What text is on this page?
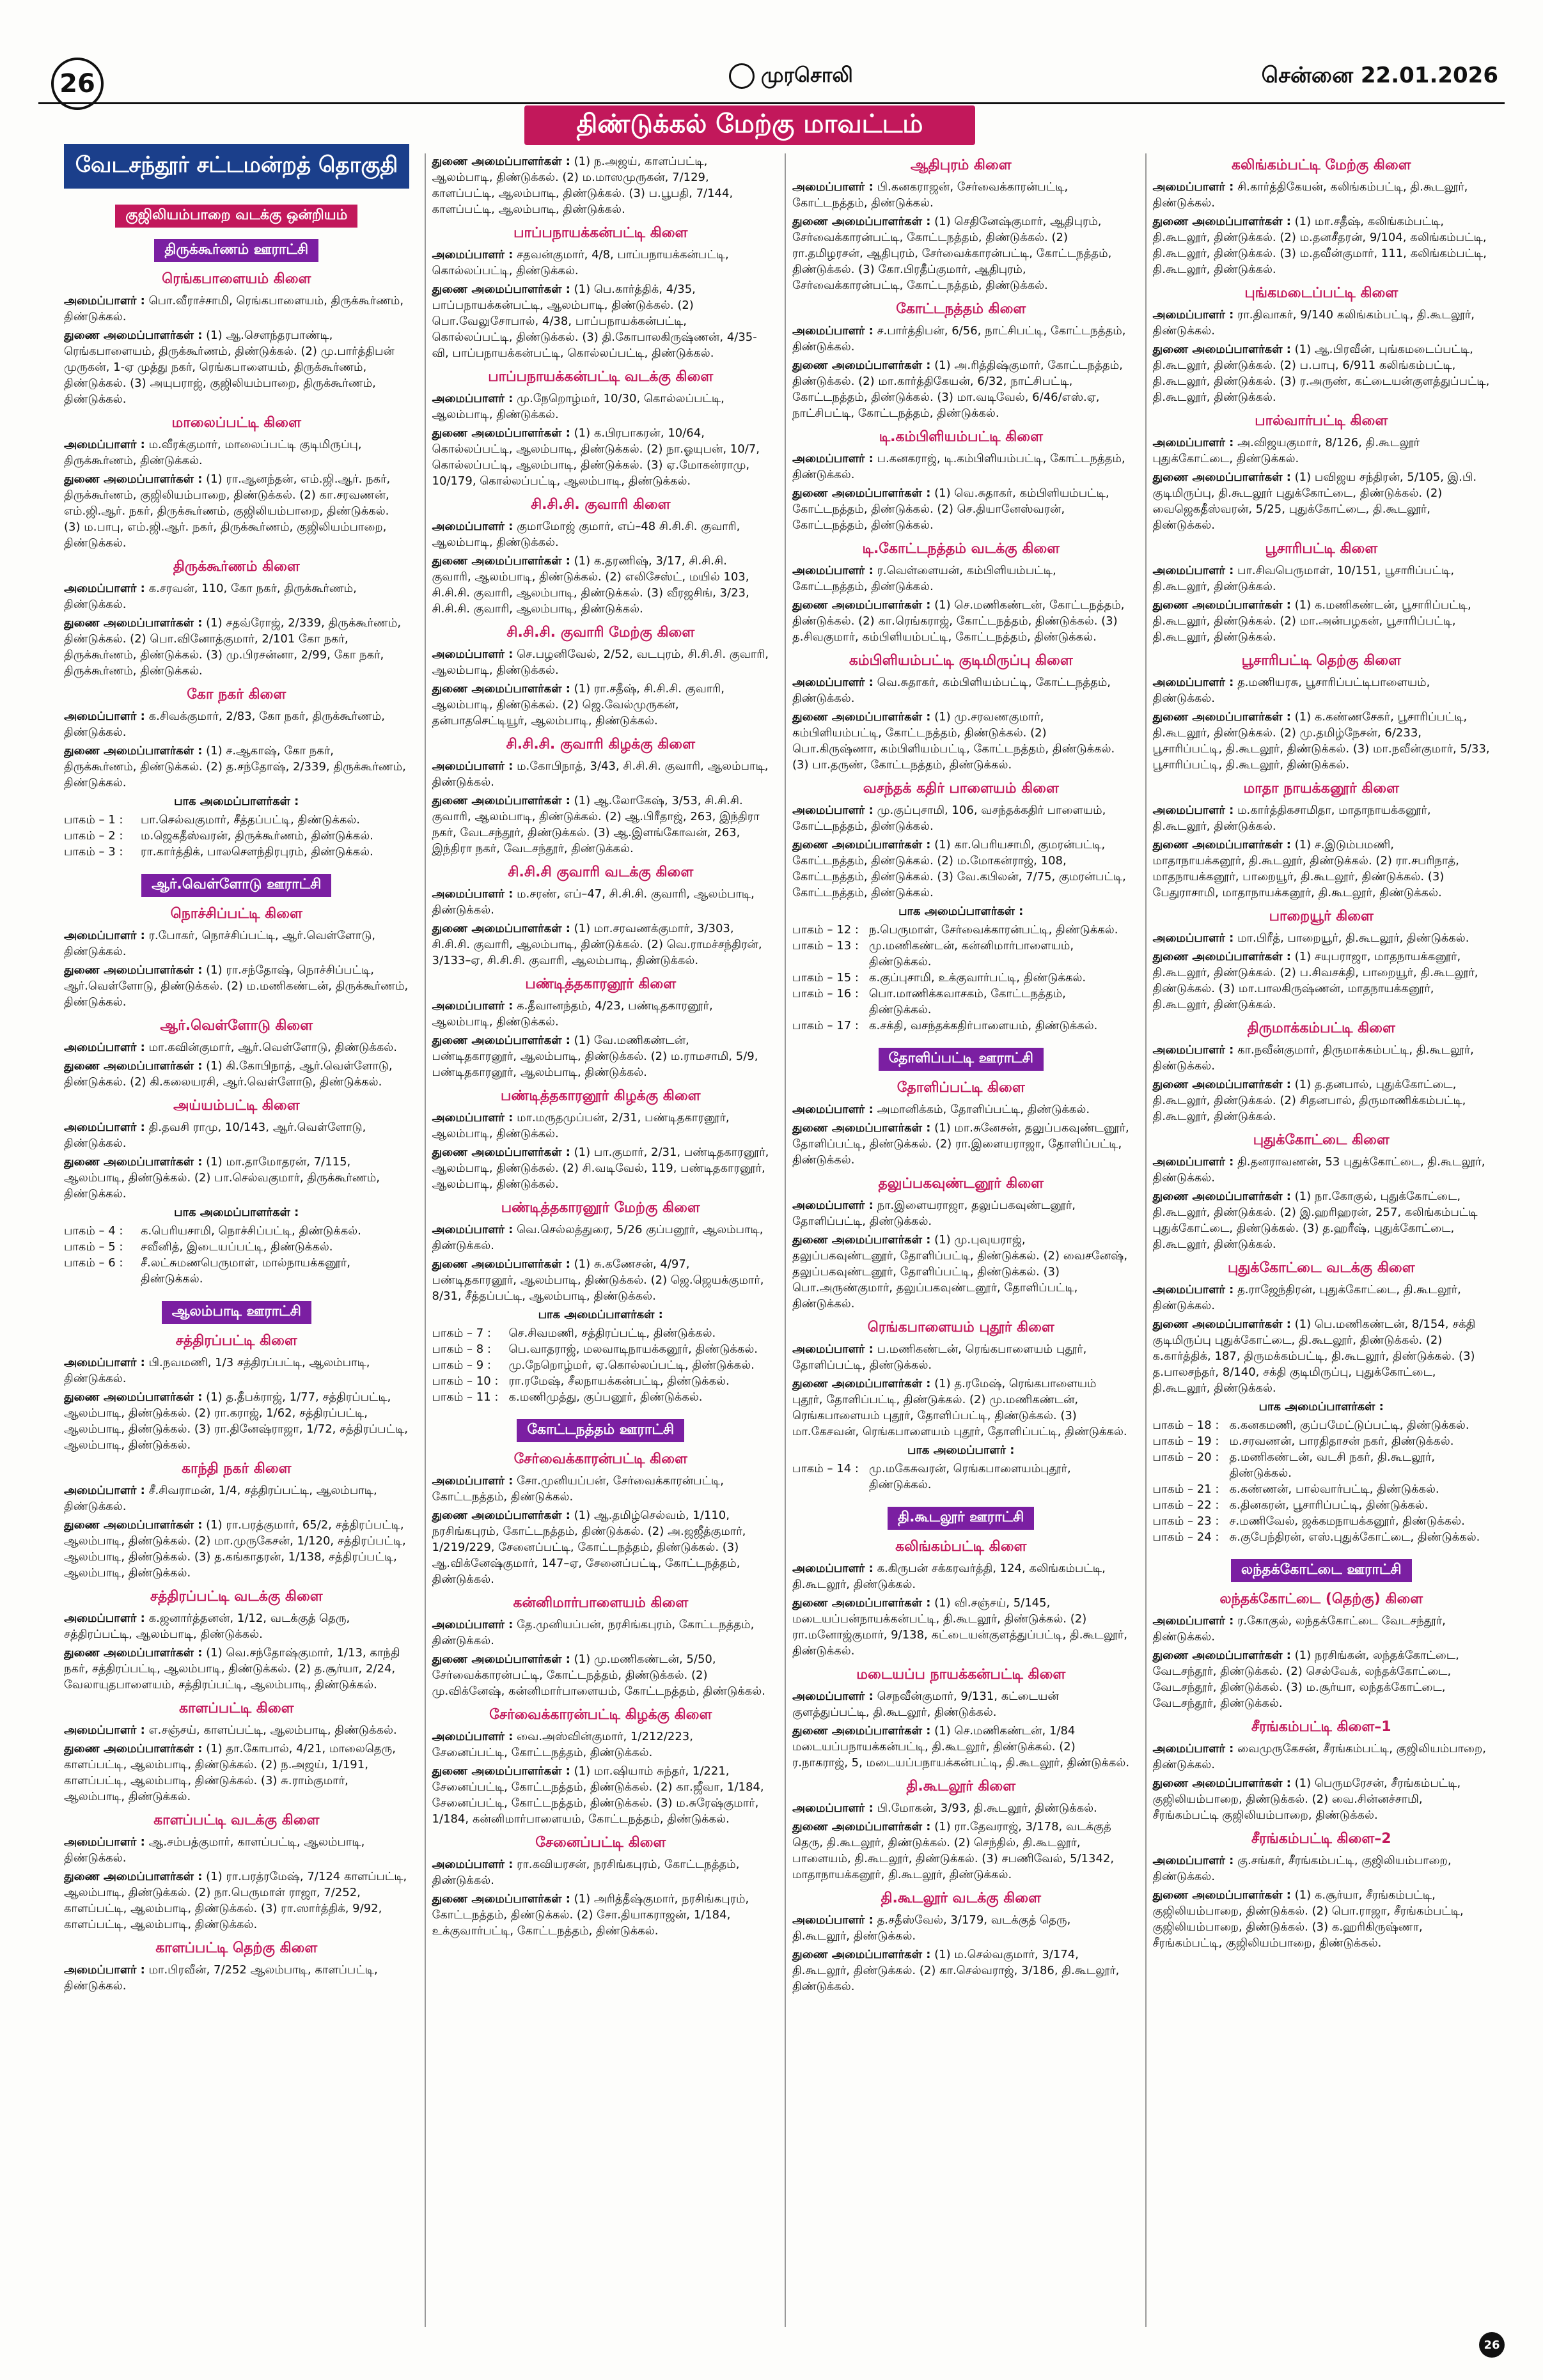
26	முரசொலி	சென்னை 22.01.2026
திண்டுக்கல் மேற்கு மாவட்டம்
வேடசந்தூர் சட்டமன்றத் தொகுதி
குஜிலியம்பாறை வடக்கு ஒன்றியம்
திருக்கூர்ணம் ஊராட்சி
ரெங்கபாளையம் கிளை

அமைப்பாளர் : பொ.வீராச்சாமி, ரெங்கபாளையம், திருக்கூர்ணம், திண்டுக்கல்.

துணை அமைப்பாளர்கள் : (1) ஆ.சௌந்தரபாண்டி, ரெங்கபாளையம், திருக்கூர்ணம், திண்டுக்கல். (2) மு.பார்த்திபன் முருகன், 1-ஏ முத்து நகர், ரெங்கபாளையம், திருக்கூர்ணம், திண்டுக்கல். (3) அயுபராஜ், குஜிலியம்பாறை, திருக்கூர்ணம், திண்டுக்கல்.

மாலைப்பட்டி கிளை

அமைப்பாளர் : ம.வீரக்குமார், மாலைப்பட்டி குடிமிருப்பு, திருக்கூர்ணம், திண்டுக்கல்.

துணை அமைப்பாளர்கள் : (1) ரா.ஆனந்தன், எம்.ஜி.ஆர். நகர், திருக்கூர்ணம், குஜிலியம்பாறை, திண்டுக்கல். (2) கா.சரவணன், எம்.ஜி.ஆர். நகர், திருக்கூர்ணம், குஜிலியம்பாறை, திண்டுக்கல். (3) ம.பாபு, எம்.ஜி.ஆர். நகர், திருக்கூர்ணம், குஜிலியம்பாறை, திண்டுக்கல்.

திருக்கூர்ணம் கிளை

அமைப்பாளர் : க.சரவன், 110, கோ நகர், திருக்கூர்ணம், திண்டுக்கல்.

துணை அமைப்பாளர்கள் : (1) சதவ்ரோஜ், 2/339, திருக்கூர்ணம், திண்டுக்கல். (2) பொ.வினோத்குமார், 2/101 கோ நகர், திருக்கூர்ணம், திண்டுக்கல். (3) மு.பிரசன்னா, 2/99, கோ நகர், திருக்கூர்ணம், திண்டுக்கல்.

கோ நகர் கிளை

அமைப்பாளர் : க.சிவக்குமார், 2/83, கோ நகர், திருக்கூர்ணம், திண்டுக்கல்.

துணை அமைப்பாளர்கள் : (1) ச.ஆகாஷ், கோ நகர், திருக்கூர்ணம், திண்டுக்கல். (2) த.சந்தோஷ், 2/339, திருக்கூர்ணம், திண்டுக்கல்.

பாக அமைப்பாளர்கள் :
பாகம் – 1 :	பா.செல்வகுமார், சீத்தப்பட்டி, திண்டுக்கல்.
பாகம் – 2 :	ம.ஜெகதீஸ்வரன், திருக்கூர்ணம், திண்டுக்கல்.
பாகம் – 3 :	ரா.கார்த்திக், பாலசௌந்திரபுரம், திண்டுக்கல்.
ஆர்.வெள்ளோடு ஊராட்சி
நொச்சிப்பட்டி கிளை

அமைப்பாளர் : ர.போகர், நொச்சிப்பட்டி, ஆர்.வெள்ளோடு, திண்டுக்கல்.

துணை அமைப்பாளர்கள் : (1) ரா.சந்தோஷ், நொச்சிப்பட்டி, ஆர்.வெள்ளோடு, திண்டுக்கல். (2) ம.மணிகண்டன், திருக்கூர்ணம், திண்டுக்கல்.

ஆர்.வெள்ளோடு கிளை

அமைப்பாளர் : மா.கவின்குமார், ஆர்.வெள்ளோடு, திண்டுக்கல்.

துணை அமைப்பாளர்கள் : (1) கி.கோபிநாத், ஆர்.வெள்ளோடு, திண்டுக்கல். (2) கி.கலையரசி, ஆர்.வெள்ளோடு, திண்டுக்கல்.

அய்யம்பட்டி கிளை

அமைப்பாளர் : தி.தவசி ராமு, 10/143, ஆர்.வெள்ளோடு, திண்டுக்கல்.

துணை அமைப்பாளர்கள் : (1) மா.தாமோதரன், 7/115, ஆலம்பாடி, திண்டுக்கல். (2) பா.செல்வகுமார், திருக்கூர்ணம், திண்டுக்கல்.

பாக அமைப்பாளர்கள் :
பாகம் – 4 :	க.பெரியசாமி, நொச்சிப்பட்டி, திண்டுக்கல்.
பாகம் – 5 :	சவீனித், இடையப்பட்டி, திண்டுக்கல்.
பாகம் – 6 :	சீ.லட்சுமணபெருமாள், மால்நாயக்கனூர், திண்டுக்கல்.
ஆலம்பாடி ஊராட்சி
சத்திரப்பட்டி கிளை

அமைப்பாளர் : பி.நவமணி, 1/3 சத்திரப்பட்டி, ஆலம்பாடி, திண்டுக்கல்.

துணை அமைப்பாளர்கள் : (1) த.தீபக்ராஜ், 1/77, சத்திரப்பட்டி, ஆலம்பாடி, திண்டுக்கல். (2) ரா.கராஜ், 1/62, சத்திரப்பட்டி, ஆலம்பாடி, திண்டுக்கல். (3) ரா.தினேஷ்ராஜா, 1/72, சத்திரப்பட்டி, ஆலம்பாடி, திண்டுக்கல்.

காந்தி நகர் கிளை

அமைப்பாளர் : சீ.சிவராமன், 1/4, சத்திரப்பட்டி, ஆலம்பாடி, திண்டுக்கல்.

துணை அமைப்பாளர்கள் : (1) ரா.பரத்குமார், 65/2, சத்திரப்பட்டி, ஆலம்பாடி, திண்டுக்கல். (2) மா.முருகேசன், 1/120, சத்திரப்பட்டி, ஆலம்பாடி, திண்டுக்கல். (3) த.கங்காதரன், 1/138, சத்திரப்பட்டி, ஆலம்பாடி, திண்டுக்கல்.

சத்திரப்பட்டி வடக்கு கிளை

அமைப்பாளர் : க.ஜனார்த்தனன், 1/12, வடக்குத் தெரு, சத்திரப்பட்டி, ஆலம்பாடி, திண்டுக்கல்.

துணை அமைப்பாளர்கள் : (1) வெ.சந்தோஷ்குமார், 1/13, காந்தி நகர், சத்திரப்பட்டி, ஆலம்பாடி, திண்டுக்கல். (2) த.சூர்யா, 2/24, வேலாயுதபாளையம், சத்திரப்பட்டி, ஆலம்பாடி, திண்டுக்கல்.

காளப்பட்டி கிளை

அமைப்பாளர் : எ.சஞ்சய், காளப்பட்டி, ஆலம்பாடி, திண்டுக்கல்.

துணை அமைப்பாளர்கள் : (1) தா.கோபால், 4/21, மாலைதெரு, காளப்பட்டி, ஆலம்பாடி, திண்டுக்கல். (2) ந.அஜய், 1/191, காளப்பட்டி, ஆலம்பாடி, திண்டுக்கல். (3) சு.ராம்குமார், ஆலம்பாடி, திண்டுக்கல்.

காளப்பட்டி வடக்கு கிளை

அமைப்பாளர் : ஆ.சம்பத்குமார், காளப்பட்டி, ஆலம்பாடி, திண்டுக்கல்.

துணை அமைப்பாளர்கள் : (1) ரா.பரத்ரமேஷ், 7/124 காளப்பட்டி, ஆலம்பாடி, திண்டுக்கல். (2) நா.பெருமாள் ராஜா, 7/252, காளப்பட்டி, ஆலம்பாடி, திண்டுக்கல். (3) ரா.ஸார்த்திக், 9/92, காளப்பட்டி, ஆலம்பாடி, திண்டுக்கல்.

காளப்பட்டி தெற்கு கிளை

அமைப்பாளர் : மா.பிரவீன், 7/252 ஆலம்பாடி, காளப்பட்டி, திண்டுக்கல்.

துணை அமைப்பாளர்கள் : (1) ந.அஜய், காளப்பட்டி, ஆலம்பாடி, திண்டுக்கல். (2) ம.மாஸமுருகன், 7/129, காளப்பட்டி, ஆலம்பாடி, திண்டுக்கல். (3) ப.பூபதி, 7/144, காளப்பட்டி, ஆலம்பாடி, திண்டுக்கல்.

பாப்பநாயக்கன்பட்டி கிளை

அமைப்பாளர் : சதவன்குமார், 4/8, பாப்பநாயக்கன்பட்டி, கொல்லப்பட்டி, திண்டுக்கல்.

துணை அமைப்பாளர்கள் : (1) பெ.கார்த்திக், 4/35, பாப்பநாயக்கன்பட்டி, ஆலம்பாடி, திண்டுக்கல். (2) பொ.வேலுசோபால், 4/38, பாப்பநாயக்கன்பட்டி, கொல்லப்பட்டி, திண்டுக்கல். (3) தி.கோபாலகிருஷ்ணன், 4/35-வி, பாப்பநாயக்கன்பட்டி, கொல்லப்பட்டி, திண்டுக்கல்.

பாப்பநாயக்கன்பட்டி வடக்கு கிளை

அமைப்பாளர் : மு.நேறொழ்மர், 10/30, கொல்லப்பட்டி, ஆலம்பாடி, திண்டுக்கல்.

துணை அமைப்பாளர்கள் : (1) க.பிரபாகரன், 10/64, கொல்லப்பட்டி, ஆலம்பாடி, திண்டுக்கல். (2) நா.ஓயுபன், 10/7, கொல்லப்பட்டி, ஆலம்பாடி, திண்டுக்கல். (3) ஏ.மோகன்ராமு, 10/179, கொல்லப்பட்டி, ஆலம்பாடி, திண்டுக்கல்.

சி.சி.சி. குவாரி கிளை

அமைப்பாளர் : குமாமோஜ் குமார், எப்–48 சி.சி.சி. குவாரி, ஆலம்பாடி, திண்டுக்கல்.

துணை அமைப்பாளர்கள் : (1) க.தரணிஷ், 3/17, சி.சி.சி. குவாரி, ஆலம்பாடி, திண்டுக்கல். (2) எலிசேஸ்ட், மயில் 103, சி.சி.சி. குவாரி, ஆலம்பாடி, திண்டுக்கல். (3) வீரஜசிங், 3/23, சி.சி.சி. குவாரி, ஆலம்பாடி, திண்டுக்கல்.

சி.சி.சி. குவாரி மேற்கு கிளை

அமைப்பாளர் : செ.பழனிவேல், 2/52, வடபுரம், சி.சி.சி. குவாரி, ஆலம்பாடி, திண்டுக்கல்.

துணை அமைப்பாளர்கள் : (1) ரா.சதீஷ், சி.சி.சி. குவாரி, ஆலம்பாடி, திண்டுக்கல். (2) ஜெ.வேல்முருகன், தன்பாதசெட்டியூர், ஆலம்பாடி, திண்டுக்கல்.

சி.சி.சி. குவாரி கிழக்கு கிளை

அமைப்பாளர் : ம.கோபிநாத், 3/43, சி.சி.சி. குவாரி, ஆலம்பாடி, திண்டுக்கல்.

துணை அமைப்பாளர்கள் : (1) ஆ.லோகேஷ், 3/53, சி.சி.சி. குவாரி, ஆலம்பாடி, திண்டுக்கல். (2) ஆ.பிரீதாஜ், 263, இந்திரா நகர், வேடசந்தூர், திண்டுக்கல். (3) ஆ.இளங்கோவன், 263, இந்திரா நகர், வேடசந்தூர், திண்டுக்கல்.

சி.சி.சி குவாரி வடக்கு கிளை

அமைப்பாளர் : ம.சரண், எப்–47, சி.சி.சி. குவாரி, ஆலம்பாடி, திண்டுக்கல்.

துணை அமைப்பாளர்கள் : (1) மா.சரவணக்குமார், 3/303, சி.சி.சி. குவாரி, ஆலம்பாடி, திண்டுக்கல். (2) வெ.ராமச்சந்திரன், 3/133–ஏ, சி.சி.சி. குவாரி, ஆலம்பாடி, திண்டுக்கல்.

பண்டித்தகாரனூர் கிளை

அமைப்பாளர் : க.தீவானந்தம், 4/23, பண்டிதகாரனூர், ஆலம்பாடி, திண்டுக்கல்.

துணை அமைப்பாளர்கள் : (1) வே.மணிகண்டன், பண்டிதகாரனூர், ஆலம்பாடி, திண்டுக்கல். (2) ம.ராமசாமி, 5/9, பண்டிதகாரனூர், ஆலம்பாடி, திண்டுக்கல்.

பண்டித்தகாரனூர் கிழக்கு கிளை

அமைப்பாளர் : மா.மருதமுப்பன், 2/31, பண்டிதகாரனூர், ஆலம்பாடி, திண்டுக்கல்.

துணை அமைப்பாளர்கள் : (1) பா.குமார், 2/31, பண்டிதகாரனூர், ஆலம்பாடி, திண்டுக்கல். (2) சி.வடிவேல், 119, பண்டிதகாரனூர், ஆலம்பாடி, திண்டுக்கல்.

பண்டித்தகாரனூர் மேற்கு கிளை

அமைப்பாளர் : வெ.செல்லத்துரை, 5/26 குப்பனூர், ஆலம்பாடி, திண்டுக்கல்.

துணை அமைப்பாளர்கள் : (1) சு.கணேசன், 4/97, பண்டிதகாரனூர், ஆலம்பாடி, திண்டுக்கல். (2) ஜெ.ஜெயக்குமார், 8/31, சீத்தப்பட்டி, ஆலம்பாடி, திண்டுக்கல்.

பாக அமைப்பாளர்கள் :
பாகம் – 7 :	செ.சிவமணி, சத்திரப்பட்டி, திண்டுக்கல்.
பாகம் – 8 :	பெ.வாதராஜ், மலவாடிநாயக்கனூர், திண்டுக்கல்.
பாகம் – 9 :	மு.நேறொழ்மர், ஏ.கொல்லப்பட்டி, திண்டுக்கல்.
பாகம் – 10 : ரா.ரமேஷ், சீலநாயக்கன்பட்டி, திண்டுக்கல்.
பாகம் – 11 : க.மணிமுத்து, குப்பனூர், திண்டுக்கல்.
கோட்டநத்தம் ஊராட்சி
சேர்வைக்காரன்பட்டி கிளை

அமைப்பாளர் : சோ.முனியப்பன், சேர்வைக்காரன்பட்டி, கோட்டநத்தம், திண்டுக்கல்.

துணை அமைப்பாளர்கள் : (1) ஆ.தமிழ்செல்வம், 1/110, நரசிங்கபுரம், கோட்டநத்தம், திண்டுக்கல். (2) அ.ஜஜீத்குமார், 1/219/229, சேனைப்பட்டி, கோட்டநத்தம், திண்டுக்கல். (3) ஆ.விக்னேஷ்குமார், 147–ஏ, சேனைப்பட்டி, கோட்டநத்தம், திண்டுக்கல்.

கன்னிமார்பாளையம் கிளை

அமைப்பாளர் : தே.முனியப்பன், நரசிங்கபுரம், கோட்டநத்தம், திண்டுக்கல்.

துணை அமைப்பாளர்கள் : (1) மு.மணிகண்டன், 5/50, சேர்வைக்காரன்பட்டி, கோட்டநத்தம், திண்டுக்கல். (2) மு.விக்னேஷ், கன்னிமார்பாளையம், கோட்டநத்தம், திண்டுக்கல்.

சேர்வைக்காரன்பட்டி கிழக்கு கிளை

அமைப்பாளர் : வை.அஸ்வின்குமார், 1/212/223, சேனைப்பட்டி, கோட்டநத்தம், திண்டுக்கல்.

துணை அமைப்பாளர்கள் : (1) மா.ஷியாம் சுந்தர், 1/221, சேனைப்பட்டி, கோட்டநத்தம், திண்டுக்கல். (2) கா.ஜீவா, 1/184, சேனைப்பட்டி, கோட்டநத்தம், திண்டுக்கல். (3) ம.சுரேஷ்குமார், 1/184, கன்னிமார்பாளையம், கோட்டநத்தம், திண்டுக்கல்.

சேனைப்பட்டி கிளை

அமைப்பாளர் : ரா.கவியரசன், நரசிங்கபுரம், கோட்டநத்தம், திண்டுக்கல்.

துணை அமைப்பாளர்கள் : (1) அரித்தீஷ்குமார், நரசிங்கபுரம், கோட்டநத்தம், திண்டுக்கல். (2) சோ.தியாகராஜன், 1/184, உக்குவார்பட்டி, கோட்டநத்தம், திண்டுக்கல்.

ஆதிபுரம் கிளை

அமைப்பாளர் : பி.கனகராஜன், சேர்வைக்காரன்பட்டி, கோட்டநத்தம், திண்டுக்கல்.

துணை அமைப்பாளர்கள் : (1) செதினேஷ்குமார், ஆதிபுரம், சேர்வைக்காரன்பட்டி, கோட்டநத்தம், திண்டுக்கல். (2) ரா.தமிழரசன், ஆதிபுரம், சேர்வைக்காரன்பட்டி, கோட்டநத்தம், திண்டுக்கல். (3) கோ.பிரதீப்குமார், ஆதிபுரம், சேர்வைக்காரன்பட்டி, கோட்டநத்தம், திண்டுக்கல்.

கோட்டநத்தம் கிளை

அமைப்பாளர் : ச.பார்த்திபன், 6/56, நாட்சிபட்டி, கோட்டநத்தம், திண்டுக்கல்.

துணை அமைப்பாளர்கள் : (1) அ.ரித்திஷ்குமார், கோட்டநத்தம், திண்டுக்கல். (2) மா.கார்த்திகேயன், 6/32, நாட்சிபட்டி, கோட்டநத்தம், திண்டுக்கல். (3) மா.வடிவேல், 6/46/எஸ்.ஏ, நாட்சிபட்டி, கோட்டநத்தம், திண்டுக்கல்.

டி.கம்பிளியம்பட்டி கிளை

அமைப்பாளர் : ப.கனகராஜ், டி.கம்பிளியம்பட்டி, கோட்டநத்தம், திண்டுக்கல்.

துணை அமைப்பாளர்கள் : (1) வெ.சுதாகர், கம்பிளியம்பட்டி, கோட்டநத்தம், திண்டுக்கல். (2) செ.தியானேஸ்வரன், கோட்டநத்தம், திண்டுக்கல்.

டி.கோட்டநத்தம் வடக்கு கிளை

அமைப்பாளர் : ர.வெள்ளையன், கம்பிளியம்பட்டி, கோட்டநத்தம், திண்டுக்கல்.

துணை அமைப்பாளர்கள் : (1) செ.மணிகண்டன், கோட்டநத்தம், திண்டுக்கல். (2) கா.ரெங்கராஜ், கோட்டநத்தம், திண்டுக்கல். (3) த.சிவகுமார், கம்பிளியம்பட்டி, கோட்டநத்தம், திண்டுக்கல்.

கம்பிளியம்பட்டி குடிமிருப்பு கிளை

அமைப்பாளர் : வெ.சுதாகர், கம்பிளியம்பட்டி, கோட்டநத்தம், திண்டுக்கல்.

துணை அமைப்பாளர்கள் : (1) மு.சரவணகுமார், கம்பிளியம்பட்டி, கோட்டநத்தம், திண்டுக்கல். (2) பொ.கிருஷ்ணா, கம்பிளியம்பட்டி, கோட்டநத்தம், திண்டுக்கல். (3) பா.தருண், கோட்டநத்தம், திண்டுக்கல்.

வசந்தக் கதிர் பாளையம் கிளை

அமைப்பாளர் : மு.குப்புசாமி, 106, வசந்தக்கதிர் பாளையம், கோட்டநத்தம், திண்டுக்கல்.

துணை அமைப்பாளர்கள் : (1) கா.பெரியசாமி, குமரன்பட்டி, கோட்டநத்தம், திண்டுக்கல். (2) ம.மோகன்ராஜ், 108, கோட்டநத்தம், திண்டுக்கல். (3) வே.கபிலன், 7/75, குமரன்பட்டி, கோட்டநத்தம், திண்டுக்கல்.

பாக அமைப்பாளர்கள் :
பாகம் – 12 : ந.பெருமாள், சேர்வைக்காரன்பட்டி, திண்டுக்கல்.
பாகம் – 13 : மு.மணிகண்டன், கன்னிமார்பாளையம், திண்டுக்கல்.
பாகம் – 15 : க.குப்புசாமி, உக்குவார்பட்டி, திண்டுக்கல்.
பாகம் – 16 : பொ.மாணிக்கவாசகம், கோட்டநத்தம், திண்டுக்கல்.
பாகம் – 17 : க.சக்தி, வசந்தக்கதிர்பாளையம், திண்டுக்கல்.
தோளிப்பட்டி ஊராட்சி
தோளிப்பட்டி கிளை

அமைப்பாளர் : அமானிக்கம், தோளிப்பட்டி, திண்டுக்கல்.

துணை அமைப்பாளர்கள் : (1) மா.சுனேசன், தலுப்பகவுண்டனூர், தோளிப்பட்டி, திண்டுக்கல். (2) ரா.இளையராஜா, தோளிப்பட்டி, திண்டுக்கல்.

தலுப்பகவுண்டனூர் கிளை

அமைப்பாளர் : நா.இளையராஜா, தலுப்பகவுண்டனூர், தோளிப்பட்டி, திண்டுக்கல்.

துணை அமைப்பாளர்கள் : (1) மு.புவுயராஜ், தலுப்பகவுண்டனூர், தோளிப்பட்டி, திண்டுக்கல். (2) வைசனேஷ், தலுப்பகவுண்டனூர், தோளிப்பட்டி, திண்டுக்கல். (3) பொ.அருண்குமார், தலுப்பகவுண்டனூர், தோளிப்பட்டி, திண்டுக்கல்.

ரெங்கபாளையம் புதூர் கிளை

அமைப்பாளர் : ப.மணிகண்டன், ரெங்கபாளையம் புதூர், தோளிப்பட்டி, திண்டுக்கல்.

துணை அமைப்பாளர்கள் : (1) த.ரமேஷ், ரெங்கபாளையம் புதூர், தோளிப்பட்டி, திண்டுக்கல். (2) மு.மணிகண்டன், ரெங்கபாளையம் புதூர், தோளிப்பட்டி, திண்டுக்கல். (3) மா.கேசவன், ரெங்கபாளையம் புதூர், தோளிப்பட்டி, திண்டுக்கல்.

பாக அமைப்பாளர் :
பாகம் – 14 : மு.மகேசுவரன், ரெங்கபாளையம்புதூர், திண்டுக்கல்.
தி.கூடலூர் ஊராட்சி
கலிங்கம்பட்டி கிளை

அமைப்பாளர் : க.கிருபன் சக்கரவர்த்தி, 124, கலிங்கம்பட்டி, தி.கூடலூர், திண்டுக்கல்.

துணை அமைப்பாளர்கள் : (1) வி.சஞ்சய், 5/145, மடையப்பன்நாயக்கன்பட்டி, தி.கூடலூர், திண்டுக்கல். (2) ரா.மனோஜ்குமார், 9/138, கட்டையன்குளத்துப்பட்டி, தி.கூடலூர், திண்டுக்கல்.

மடையப்ப நாயக்கன்பட்டி கிளை

அமைப்பாளர் : செநவீன்குமார், 9/131, கட்டையன் குளத்துப்பட்டி, தி.கூடலூர், திண்டுக்கல்.

துணை அமைப்பாளர்கள் : (1) செ.மணிகண்டன், 1/84 மடையப்பநாயக்கன்பட்டி, தி.கூடலூர், திண்டுக்கல். (2) ர.நாகராஜ், 5, மடையப்பநாயக்கன்பட்டி, தி.கூடலூர், திண்டுக்கல்.

தி.கூடலூர் கிளை

அமைப்பாளர் : பி.மோகன், 3/93, தி.கூடலூர், திண்டுக்கல்.

துணை அமைப்பாளர்கள் : (1) ரா.தேவராஜ், 3/178, வடக்குத் தெரு, தி.கூடலூர், திண்டுக்கல். (2) செந்தில், தி.கூடலூர், பாளையம், தி.கூடலூர், திண்டுக்கல். (3) சபணிவேல், 5/1342, மாதாநாயக்கனூர், தி.கூடலூர், திண்டுக்கல்.

தி.கூடலூர் வடக்கு கிளை

அமைப்பாளர் : த.சதீஸ்வேல், 3/179, வடக்குத் தெரு, தி.கூடலூர், திண்டுக்கல்.

துணை அமைப்பாளர்கள் : (1) ம.செல்வகுமார், 3/174, தி.கூடலூர், திண்டுக்கல். (2) கா.செல்வராஜ், 3/186, தி.கூடலூர், திண்டுக்கல்.

கலிங்கம்பட்டி மேற்கு கிளை

அமைப்பாளர் : சி.கார்த்திகேயன், கலிங்கம்பட்டி, தி.கூடலூர், திண்டுக்கல்.

துணை அமைப்பாளர்கள் : (1) மா.சதீஷ், கலிங்கம்பட்டி, தி.கூடலூர், திண்டுக்கல். (2) ம.தனசீதரன், 9/104, கலிங்கம்பட்டி, தி.கூடலூர், திண்டுக்கல். (3) ம.தவீன்குமார், 111, கலிங்கம்பட்டி, தி.கூடலூர், திண்டுக்கல்.

புங்கமடைப்பட்டி கிளை

அமைப்பாளர் : ரா.திவாகர், 9/140 கலிங்கம்பட்டி, தி.கூடலூர், திண்டுக்கல்.

துணை அமைப்பாளர்கள் : (1) ஆ.பிரவீன், புங்கமடைப்பட்டி, தி.கூடலூர், திண்டுக்கல். (2) ப.பாபு, 6/911 கலிங்கம்பட்டி, தி.கூடலூர், திண்டுக்கல். (3) ர.அருண், கட்டையன்குளத்துப்பட்டி, தி.கூடலூர், திண்டுக்கல்.

பால்வார்பட்டி கிளை

அமைப்பாளர் : அ.விஜயகுமார், 8/126, தி.கூடலூர் புதுக்கோட்டை, திண்டுக்கல்.

துணை அமைப்பாளர்கள் : (1) பவிஜய சந்திரன், 5/105, இ.பி. குடிமிருப்பு, தி.கூடலூர் புதுக்கோட்டை, திண்டுக்கல். (2) வைஜெகதீஸ்வரன், 5/25, புதுக்கோட்டை, தி.கூடலூர், திண்டுக்கல்.

பூசாரிபட்டி கிளை

அமைப்பாளர் : பா.சிவபெருமாள், 10/151, பூசாரிப்பட்டி, தி.கூடலூர், திண்டுக்கல்.

துணை அமைப்பாளர்கள் : (1) க.மணிகண்டன், பூசாரிப்பட்டி, தி.கூடலூர், திண்டுக்கல். (2) மா.அன்பழகன், பூசாரிப்பட்டி, தி.கூடலூர், திண்டுக்கல்.

பூசாரிபட்டி தெற்கு கிளை

அமைப்பாளர் : த.மணியரசு, பூசாரிப்பட்டிபாளையம், திண்டுக்கல்.

துணை அமைப்பாளர்கள் : (1) க.கண்ணசேகர், பூசாரிப்பட்டி, தி.கூடலூர், திண்டுக்கல். (2) மு.தமிழ்நேசன், 6/233, பூசாரிப்பட்டி, தி.கூடலூர், திண்டுக்கல். (3) மா.நவீன்குமார், 5/33, பூசாரிப்பட்டி, தி.கூடலூர், திண்டுக்கல்.

மாதா நாயக்கனூர் கிளை

அமைப்பாளர் : ம.கார்த்திகசாமிதா, மாதாநாயக்கனூர், தி.கூடலூர், திண்டுக்கல்.

துணை அமைப்பாளர்கள் : (1) ச.இடும்பமணி, மாதாநாயக்கனூர், தி.கூடலூர், திண்டுக்கல். (2) ரா.சபரிநாத், மாதநாயக்கனூர், பாறையூர், தி.கூடலூர், திண்டுக்கல். (3) பேதுராசாமி, மாதாநாயக்கனூர், தி.கூடலூர், திண்டுக்கல்.

பாறையூர் கிளை

அமைப்பாளர் : மா.பிரீத், பாறையூர், தி.கூடலூர், திண்டுக்கல்.

துணை அமைப்பாளர்கள் : (1) சயுபராஜா, மாதநாயக்கனூர், தி.கூடலூர், திண்டுக்கல். (2) ப.சிவசக்தி, பாறையூர், தி.கூடலூர், திண்டுக்கல். (3) மா.பாலகிருஷ்ணன், மாதநாயக்கனூர், தி.கூடலூர், திண்டுக்கல்.

திருமாக்கம்பட்டி கிளை

அமைப்பாளர் : கா.நவீன்குமார், திருமாக்கம்பட்டி, தி.கூடலூர், திண்டுக்கல்.

துணை அமைப்பாளர்கள் : (1) த.தனபால், புதுக்கோட்டை, தி.கூடலூர், திண்டுக்கல். (2) சிதனபால், திருமாணிக்கம்பட்டி, தி.கூடலூர், திண்டுக்கல்.

புதுக்கோட்டை கிளை

அமைப்பாளர் : தி.தனராவணன், 53 புதுக்கோட்டை, தி.கூடலூர், திண்டுக்கல்.

துணை அமைப்பாளர்கள் : (1) நா.கோகுல், புதுக்கோட்டை, தி.கூடலூர், திண்டுக்கல். (2) இ.ஹரிஹரன், 257, கலிங்கம்பட்டி புதுக்கோட்டை, திண்டுக்கல். (3) த.ஹரீஷ், புதுக்கோட்டை, தி.கூடலூர், திண்டுக்கல்.

புதுக்கோட்டை வடக்கு கிளை

அமைப்பாளர் : த.ராஜேந்திரன், புதுக்கோட்டை, தி.கூடலூர், திண்டுக்கல்.

துணை அமைப்பாளர்கள் : (1) பெ.மணிகண்டன், 8/154, சக்தி குடிமிருப்பு புதுக்கோட்டை, தி.கூடலூர், திண்டுக்கல். (2) க.கார்த்திக், 187, திருமக்கம்பட்டி, தி.கூடலூர், திண்டுக்கல். (3) த.பாலசந்தர், 8/140, சக்தி குடிமிருப்பு, புதுக்கோட்டை, தி.கூடலூர், திண்டுக்கல்.

பாக அமைப்பாளர்கள் :
பாகம் – 18 : க.கனகமணி, குப்பமேட்டுப்பட்டி, திண்டுக்கல்.
பாகம் – 19 : ம.சரவணன், பாரதிதாசன் நகர், திண்டுக்கல்.
பாகம் – 20 : த.மணிகண்டன், வடசி நகர், தி.கூடலூர், திண்டுக்கல்.
பாகம் – 21 : க.கண்ணன், பால்வார்பட்டி, திண்டுக்கல்.
பாகம் – 22 : க.தினகரன், பூசாரிப்பட்டி, திண்டுக்கல்.
பாகம் – 23 : ச.மணிவேல், ஜக்கமநாயக்கனூர், திண்டுக்கல்.
பாகம் – 24 : சு.குபேந்திரன், எஸ்.புதுக்கோட்டை, திண்டுக்கல்.
லந்தக்கோட்டை ஊராட்சி
லந்தக்கோட்டை (தெற்கு) கிளை

அமைப்பாளர் : ர.கோகுல், லந்தக்கோட்டை வேடசந்தூர், திண்டுக்கல்.

துணை அமைப்பாளர்கள் : (1) நரசிங்கன், லந்தக்கோட்டை, வேடசந்தூர், திண்டுக்கல். (2) செல்வேக், லந்தக்கோட்டை, வேடசந்தூர், திண்டுக்கல். (3) ம.சூர்யா, லந்தக்கோட்டை, வேடசந்தூர், திண்டுக்கல்.

சீரங்கம்பட்டி கிளை–1

அமைப்பாளர் : வைமுருகேசன், சீரங்கம்பட்டி, குஜிலியம்பாறை, திண்டுக்கல்.

துணை அமைப்பாளர்கள் : (1) பெருமரேசன், சீரங்கம்பட்டி, குஜிலியம்பாறை, திண்டுக்கல். (2) வை.சின்னச்சாமி, சீரங்கம்பட்டி குஜிலியம்பாறை, திண்டுக்கல்.

சீரங்கம்பட்டி கிளை–2

அமைப்பாளர் : கு.சங்கர், சீரங்கம்பட்டி, குஜிலியம்பாறை, திண்டுக்கல்.

துணை அமைப்பாளர்கள் : (1) க.சூர்யா, சீரங்கம்பட்டி, குஜிலியம்பாறை, திண்டுக்கல். (2) பொ.ராஜா, சீரங்கம்பட்டி, குஜிலியம்பாறை, திண்டுக்கல். (3) க.ஹரிகிருஷ்ணா, சீரங்கம்பட்டி, குஜிலியம்பாறை, திண்டுக்கல்.

26
